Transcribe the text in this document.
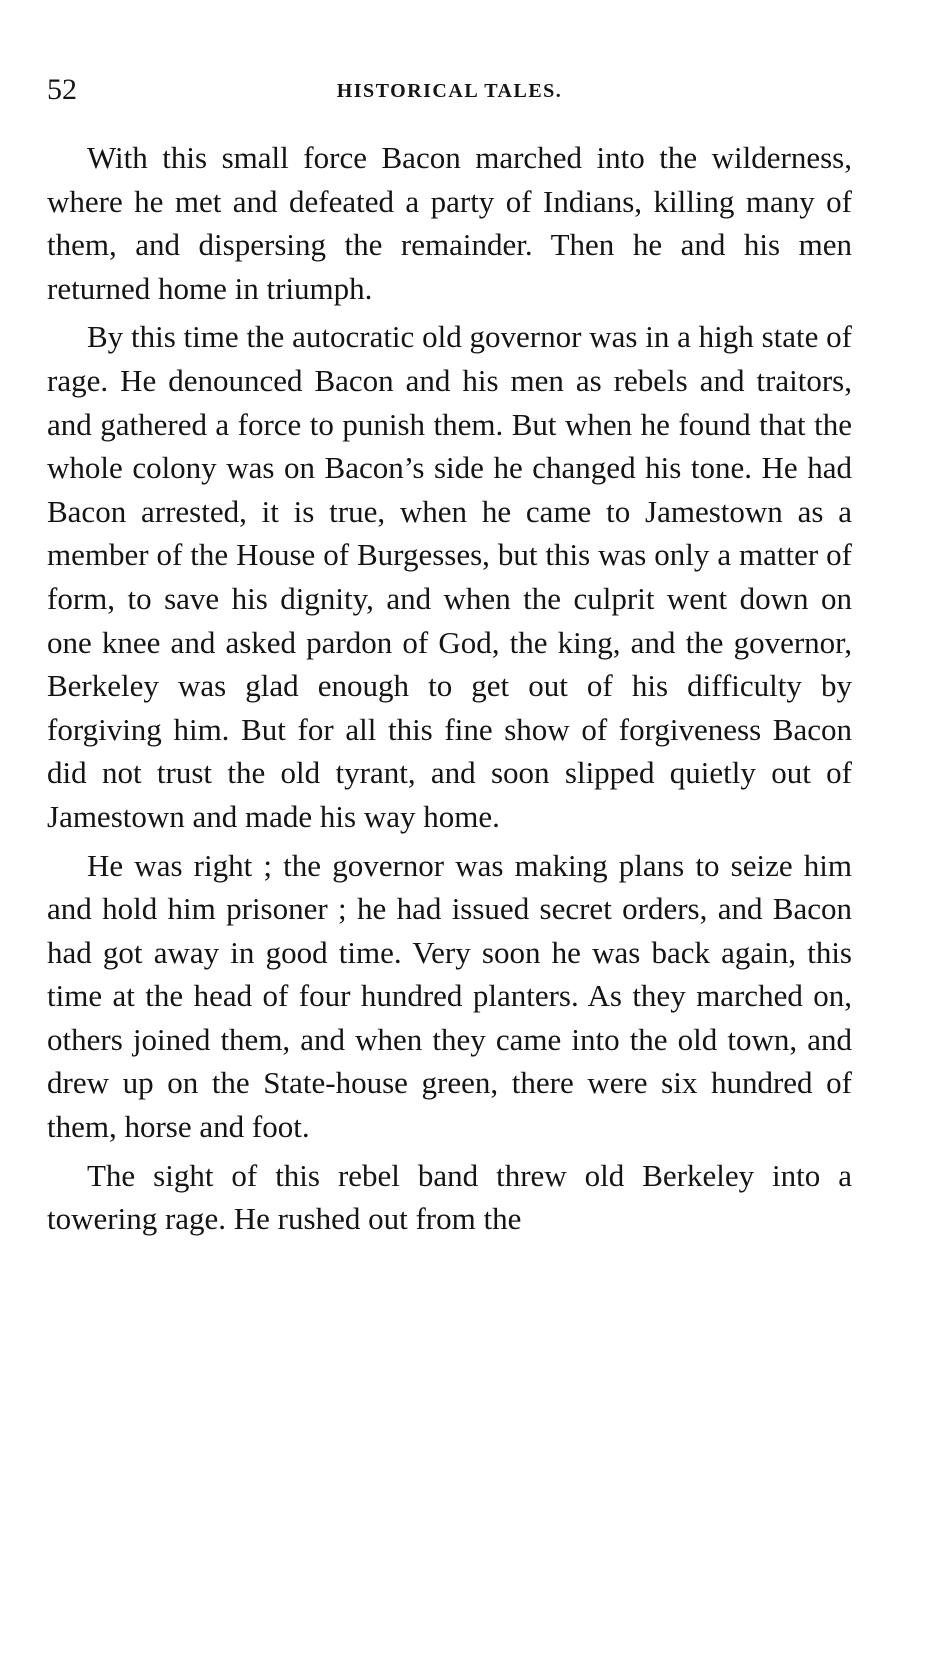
52	HISTORICAL TALES.

With this small force Bacon marched into the wilderness, where he met and defeated a party of Indians, killing many of them, and dispersing the remainder. Then he and his men returned home in triumph.

By this time the autocratic old governor was in a high state of rage. He denounced Bacon and his men as rebels and traitors, and gathered a force to punish them. But when he found that the whole colony was on Bacon’s side he changed his tone. He had Bacon arrested, it is true, when he came to Jamestown as a member of the House of Burgesses, but this was only a matter of form, to save his dignity, and when the culprit went down on one knee and asked pardon of God, the king, and the governor, Berkeley was glad enough to get out of his difficulty by forgiving him. But for all this fine show of forgiveness Bacon did not trust the old tyrant, and soon slipped quietly out of Jamestown and made his way home.

He was right ; the governor was making plans to seize him and hold him prisoner ; he had issued secret orders, and Bacon had got away in good time. Very soon he was back again, this time at the head of four hundred planters. As they marched on, others joined them, and when they came into the old town, and drew up on the State-house green, there were six hundred of them, horse and foot.

The sight of this rebel band threw old Berkeley into a towering rage. He rushed out from the
